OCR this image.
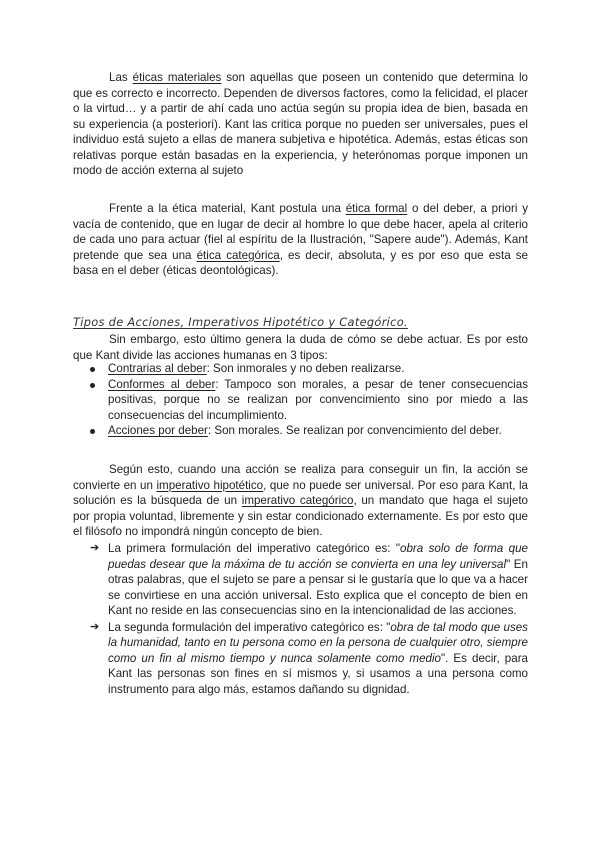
Las éticas materiales son aquellas que poseen un contenido que determina lo que es correcto e incorrecto. Dependen de diversos factores, como la felicidad, el placer o la virtud… y a partir de ahí cada uno actúa según su propia idea de bien, basada en su experiencia (a posteriori). Kant las critica porque no pueden ser universales, pues el individuo está sujeto a ellas de manera subjetiva e hipotética. Además, estas éticas son relativas porque están basadas en la experiencia, y heterónomas porque imponen un modo de acción externa al sujeto

Frente a la ética material, Kant postula una ética formal o del deber, a priori y vacía de contenido, que en lugar de decir al hombre lo que debe hacer, apela al criterio de cada uno para actuar (fiel al espíritu de la Ilustración, "Sapere aude"). Además, Kant pretende que sea una ética categórica, es decir, absoluta, y es por eso que esta se basa en el deber (éticas deontológicas).

Tipos de Acciones, Imperativos Hipotético y Categórico.

Sin embargo, esto último genera la duda de cómo se debe actuar. Es por esto que Kant divide las acciones humanas en 3 tipos:

Contrarias al deber: Son inmorales y no deben realizarse.
Conformes al deber: Tampoco son morales, a pesar de tener consecuencias positivas, porque no se realizan por convencimiento sino por miedo a las consecuencias del incumplimiento.
Acciones por deber: Son morales. Se realizan por convencimiento del deber.

Según esto, cuando una acción se realiza para conseguir un fin, la acción se convierte en un imperativo hipotético, que no puede ser universal. Por eso para Kant, la solución es la búsqueda de un imperativo categórico, un mandato que haga el sujeto por propia voluntad, libremente y sin estar condicionado externamente. Es por esto que el filósofo no impondrá ningún concepto de bien.

➔ La primera formulación del imperativo categórico es: "obra solo de forma que puedas desear que la máxima de tu acción se convierta en una ley universal" En otras palabras, que el sujeto se pare a pensar si le gustaría que lo que va a hacer se convirtiese en una acción universal. Esto explica que el concepto de bien en Kant no reside en las consecuencias sino en la intencionalidad de las acciones.
➔ La segunda formulación del imperativo categórico es: "obra de tal modo que uses la humanidad, tanto en tu persona como en la persona de cualquier otro, siempre como un fin al mismo tiempo y nunca solamente como medio". Es decir, para Kant las personas son fines en sí mismos y, si usamos a una persona como instrumento para algo más, estamos dañando su dignidad.
